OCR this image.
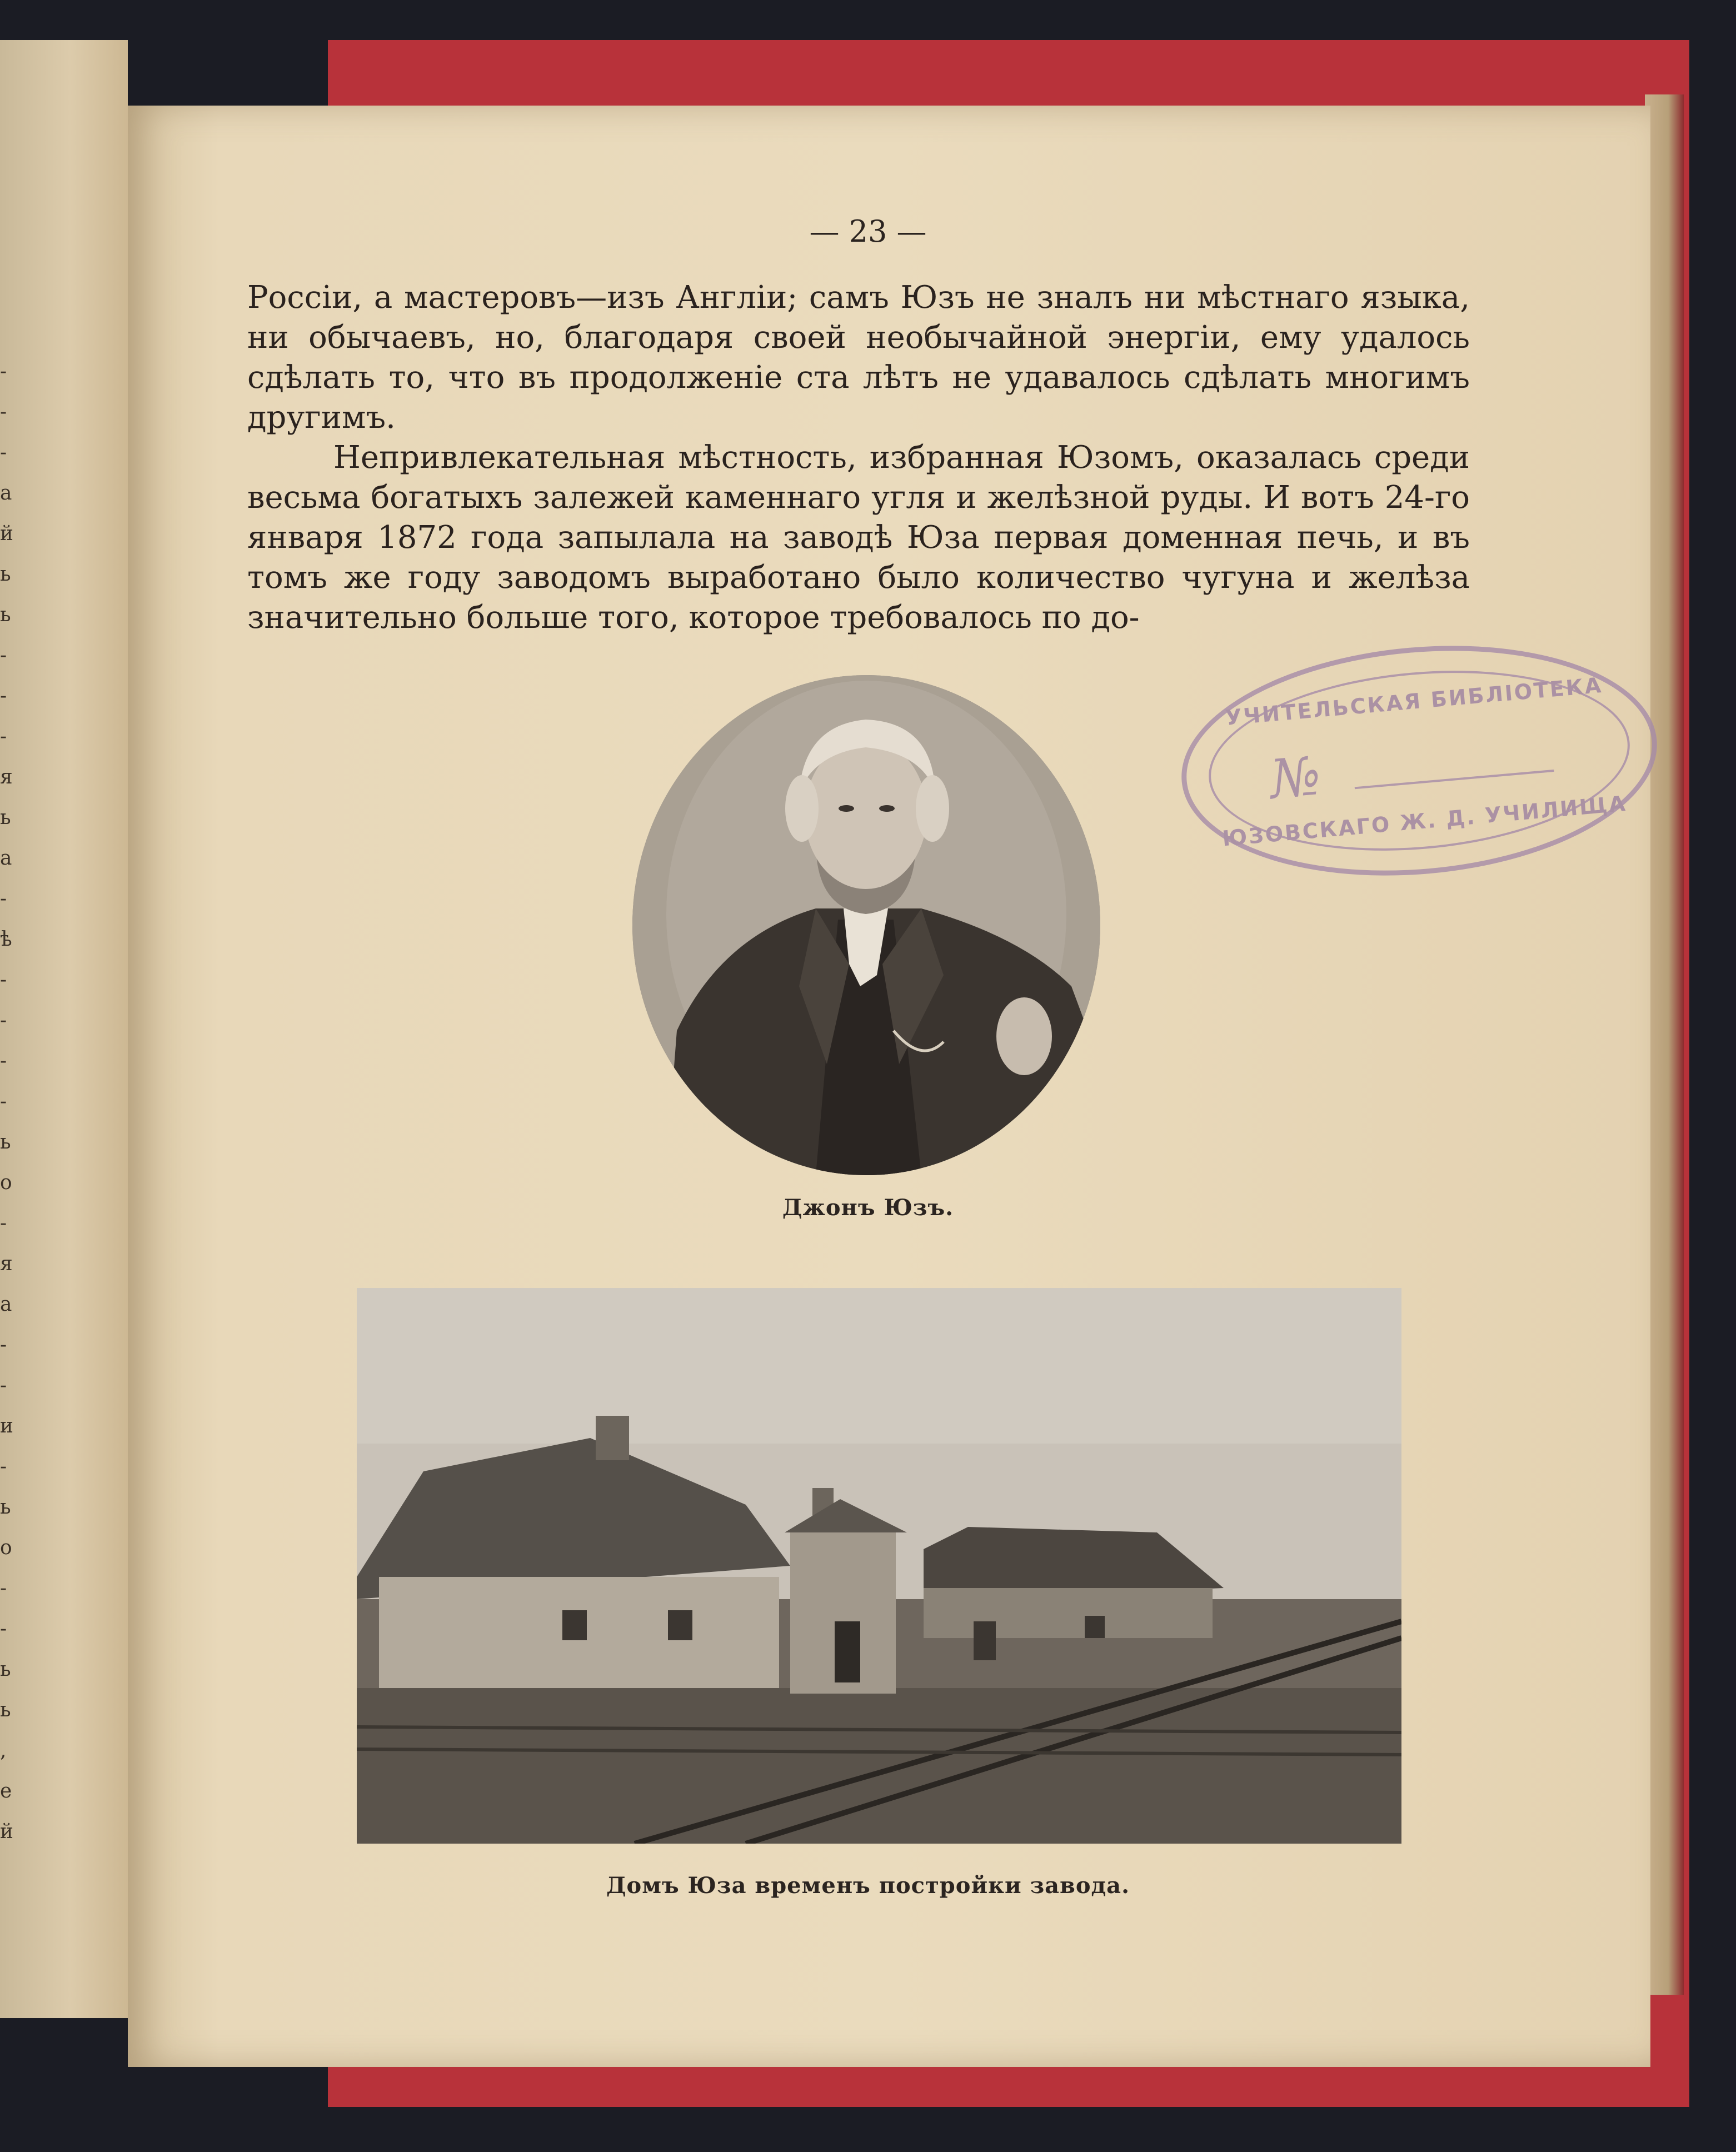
-
-
-
а
й
ь
ь
-
-
-
я
ь
а
-
ѣ
-
-
-
-
ь
о
-
я
а
-
-
и
-
ь
о
-
-
ь
ь
,
е
й
— 23 —

Россіи, а мастеровъ—изъ Англіи; самъ Юзъ не зналъ ни мѣстнаго языка, ни обычаевъ, но, благодаря своей необычайной энергіи, ему удалось сдѣлать то, что въ продолженіе ста лѣтъ не удавалось сдѣлать многимъ другимъ.

Непривлекательная мѣстность, избранная Юзомъ, оказалась среди весьма богатыхъ залежей каменнаго угля и желѣзной руды. И вотъ 24-го января 1872 года запылала на заводѣ Юза первая доменная печь, и въ томъ же году заводомъ выработано было количество чугуна и желѣза значительно больше того, которое требовалось по до-

УЧИТЕЛЬСКАЯ БИБЛІОТЕКА
№
ЮЗОВСКАГО Ж. Д. УЧИЛИЩА
Джонъ Юзъ.
Домъ Юза временъ постройки завода.
